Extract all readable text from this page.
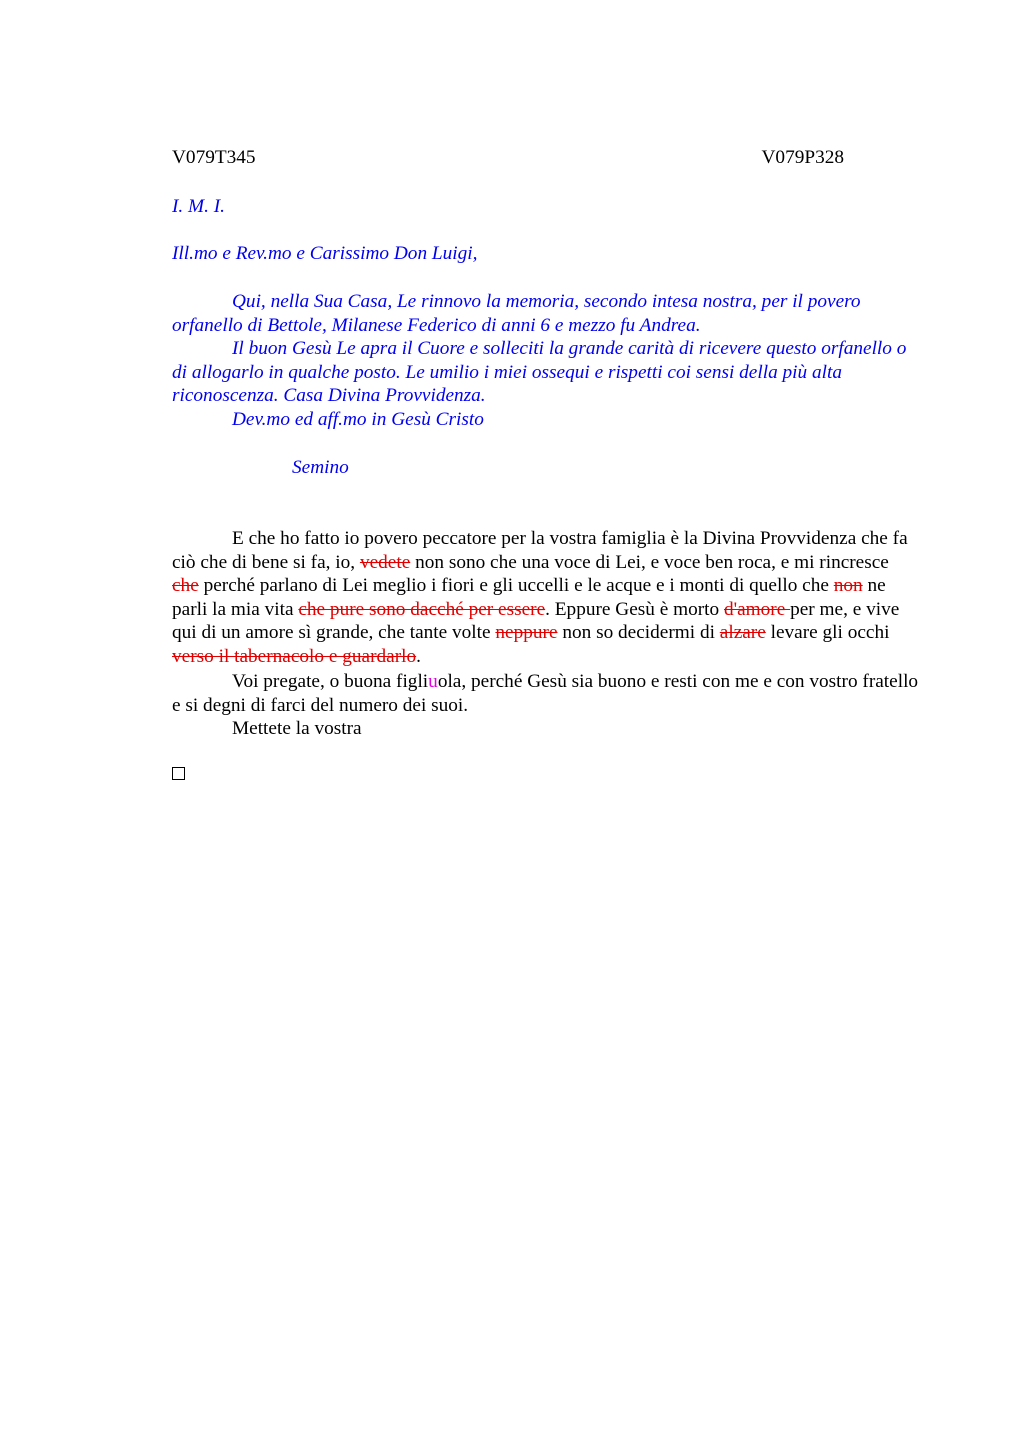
V079T345	V079P328
I. M. I.
Ill.mo e Rev.mo e Carissimo Don Luigi,
Qui, nella Sua Casa, Le rinnovo la memoria, secondo intesa nostra, per il povero orfanello di Bettole, Milanese Federico di anni 6 e mezzo fu Andrea.
Il buon Gesù Le apra il Cuore e solleciti la grande carità di ricevere questo orfanello o di allogarlo in qualche posto. Le umilio i miei ossequi e rispetti coi sensi della più alta riconoscenza. Casa Divina Provvidenza.
Dev.mo ed aff.mo in Gesù Cristo
Semino
E che ho fatto io povero peccatore per la vostra famiglia è la Divina Provvidenza che fa ciò che di bene si fa, io, vedete non sono che una voce di Lei, e voce ben roca, e mi rincresce che perché parlano di Lei meglio i fiori e gli uccelli e le acque e i monti di quello che non ne parli la mia vita che pure sono dacché per essere. Eppure Gesù è morto d'amore per me, e vive qui di un amore sì grande, che tante volte neppure non so decidermi di alzare levare gli occhi verso il tabernacolo e guardarlo.
Voi pregate, o buona figliuola, perché Gesù sia buono e resti con me e con vostro fratello e si degni di farci del numero dei suoi.
Mettete la vostra
